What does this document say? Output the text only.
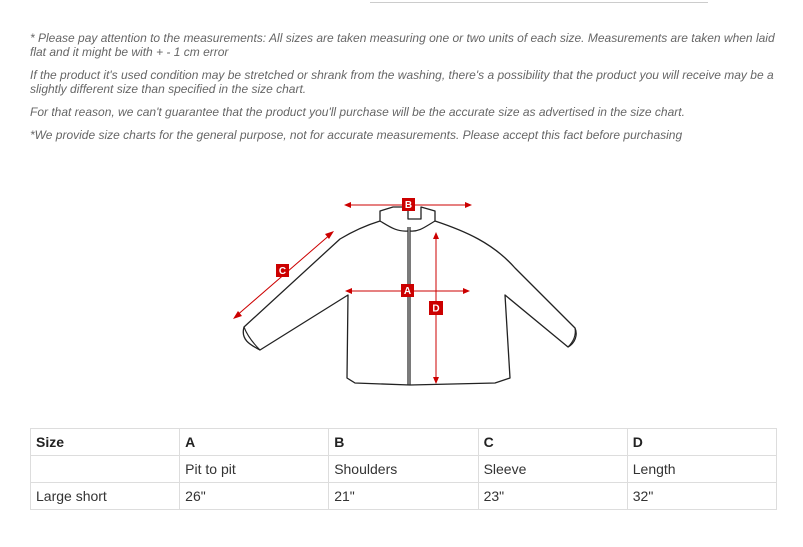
* Please pay attention to the measurements: All sizes are taken measuring one or two units of each size. Measurements are taken when laid flat and it might be with + - 1 cm error

If the product it's used condition may be stretched or shrank from the washing, there's a possibility that the product you will receive may be a slightly different size than specified in the size chart.

For that reason, we can't guarantee that the product you'll purchase will be the accurate size as advertised in the size chart.

*We provide size charts for the general purpose, not for accurate measurements. Please accept this fact before purchasing

B
C
A
D
Size	A	B	C	D
	Pit to pit	Shoulders	Sleeve	Length
Large short	26"	21"	23"	32"
